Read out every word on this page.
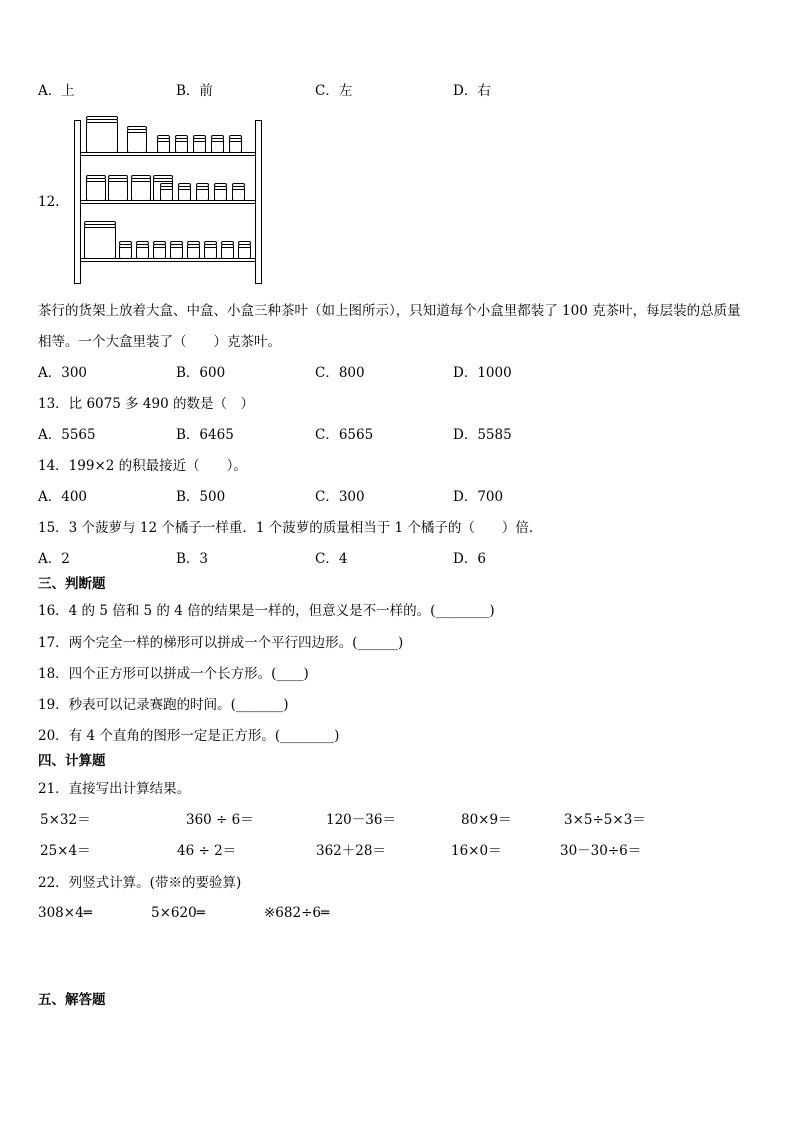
A．上	B．前	C．左	D．右
12.
茶行的货架上放着大盒、中盒、小盒三种茶叶（如上图所示），只知道每个小盒里都装了 100 克茶叶，每层装的总质量
相等。一个大盒里装了（　　）克茶叶。
A．300	B．600	C．800	D．1000
13．比 6075 多 490 的数是（　）
A．5565	B．6465	C．6565	D．5585
14．199×2 的积最接近（　　）。
A．400	B．500	C．300	D．700
15．3 个菠萝与 12 个橘子一样重．1 个菠萝的质量相当于 1 个橘子的（　　）倍．
A．2	B．3	C．4	D．6
三、判断题
16．4 的 5 倍和 5 的 4 倍的结果是一样的，但意义是不一样的。(________)
17．两个完全一样的梯形可以拼成一个平行四边形。(______)
18．四个正方形可以拼成一个长方形。(____)
19．秒表可以记录赛跑的时间。(_______)
20．有 4 个直角的图形一定是正方形。(________)
四、计算题
21．直接写出计算结果。
5×32＝	360 ÷ 6＝	120－36＝	80×9＝	3×5÷5×3＝
25×4＝	46 ÷ 2＝	362＋28＝	16×0＝	30－30÷6＝
22．列竖式计算。(带※的要验算)
308×4═	5×620═	※682÷6═
五、解答题
